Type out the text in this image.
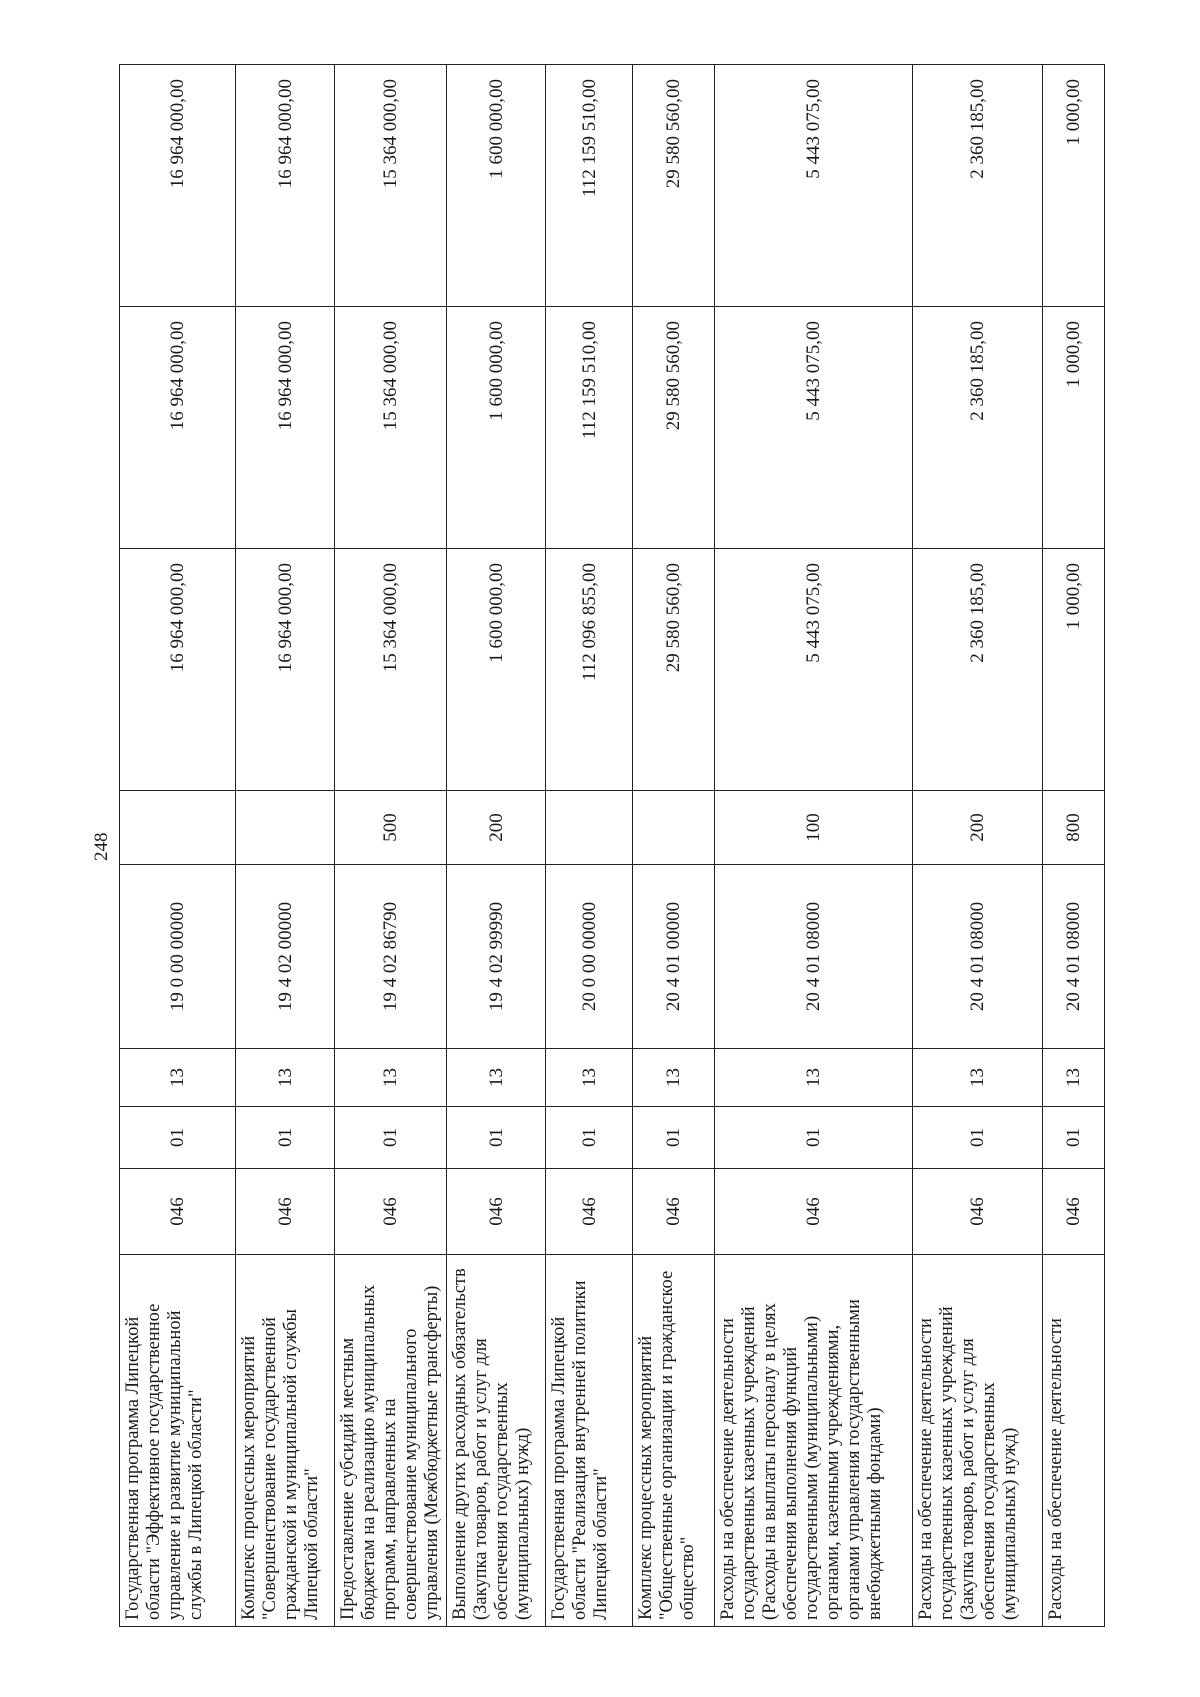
248
Государственная программа Липецкой области "Эффективное государственное управление и развитие муниципальной службы в Липецкой области"	046	01	13	19 0 00 00000		16 964 000,00	16 964 000,00	16 964 000,00
Комплекс процессных мероприятий "Совершенствование государственной гражданской и муниципальной службы Липецкой области"	046	01	13	19 4 02 00000		16 964 000,00	16 964 000,00	16 964 000,00
Предоставление субсидий местным бюджетам на реализацию муниципальных программ, направленных на совершенствование муниципального управления (Межбюджетные трансферты)	046	01	13	19 4 02 86790	500	15 364 000,00	15 364 000,00	15 364 000,00
Выполнение других расходных обязательств (Закупка товаров, работ и услуг для обеспечения государственных (муниципальных) нужд)	046	01	13	19 4 02 99990	200	1 600 000,00	1 600 000,00	1 600 000,00
Государственная программа Липецкой области "Реализация внутренней политики Липецкой области"	046	01	13	20 0 00 00000		112 096 855,00	112 159 510,00	112 159 510,00
Комплекс процессных мероприятий "Общественные организации и гражданское общество"	046	01	13	20 4 01 00000		29 580 560,00	29 580 560,00	29 580 560,00
Расходы на обеспечение деятельности государственных казенных учреждений (Расходы на выплаты персоналу в целях обеспечения выполнения функций государственными (муниципальными) органами, казенными учреждениями, органами управления государственными внебюджетными фондами)	046	01	13	20 4 01 08000	100	5 443 075,00	5 443 075,00	5 443 075,00
Расходы на обеспечение деятельности государственных казенных учреждений (Закупка товаров, работ и услуг для обеспечения государственных (муниципальных) нужд)	046	01	13	20 4 01 08000	200	2 360 185,00	2 360 185,00	2 360 185,00
Расходы на обеспечение деятельности	046	01	13	20 4 01 08000	800	1 000,00	1 000,00	1 000,00
